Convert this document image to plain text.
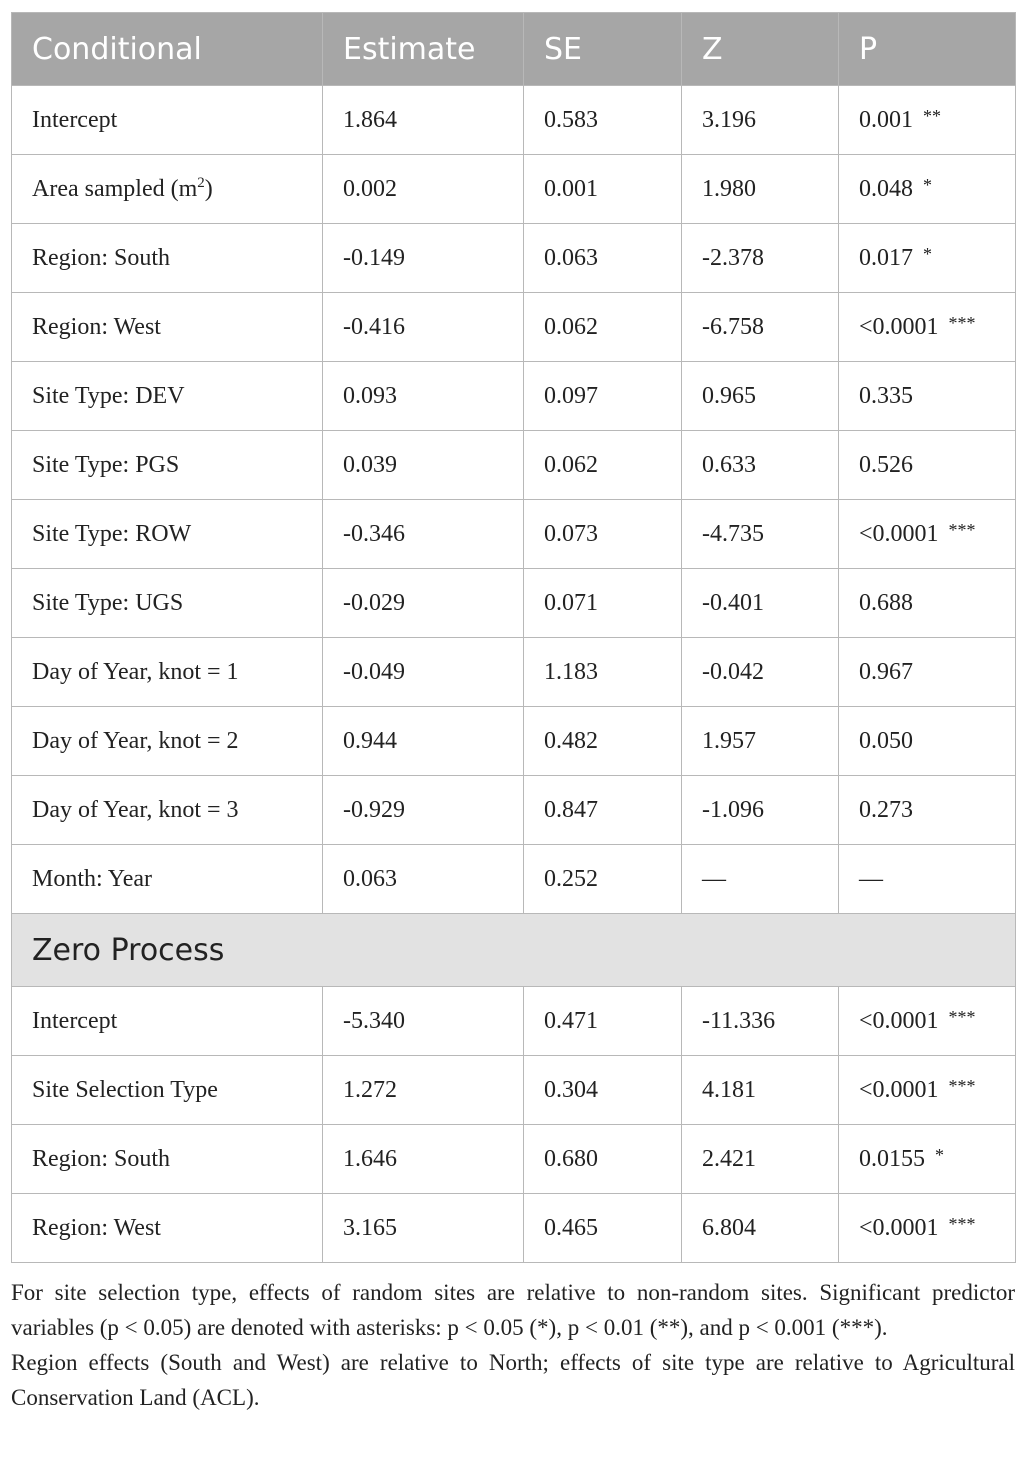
Conditional	Estimate	SE	Z	P
Intercept	1.864	0.583	3.196	0.001 **
Area sampled $(m^2)$	0.002	0.001	1.980	0.048 *
Region: South	-0.149	0.063	-2.378	0.017 *
Region: West	-0.416	0.062	-6.758	<0.0001 ***
Site Type: DEV	0.093	0.097	0.965	0.335
Site Type: PGS	0.039	0.062	0.633	0.526
Site Type: ROW	-0.346	0.073	-4.735	<0.0001 ***
Site Type: UGS	-0.029	0.071	-0.401	0.688
Day of Year, knot = 1	-0.049	1.183	-0.042	0.967
Day of Year, knot = 2	0.944	0.482	1.957	0.050
Day of Year, knot = 3	-0.929	0.847	-1.096	0.273
Month: Year	0.063	0.252	—	—
Zero Process				
Intercept	-5.340	0.471	-11.336	<0.0001 ***
Site Selection Type	1.272	0.304	4.181	<0.0001 ***
Region: South	1.646	0.680	2.421	0.0155 *
Region: West	3.165	0.465	6.804	<0.0001 ***

For site selection type, effects of random sites are relative to non-random sites. Significant predictor variables (p < 0.05) are denoted with asterisks: p < 0.05 (*), p < 0.01 (**), and p < 0.001 (***).

Region effects (South and West) are relative to North; effects of site type are relative to Agricultural Conservation Land (ACL).
